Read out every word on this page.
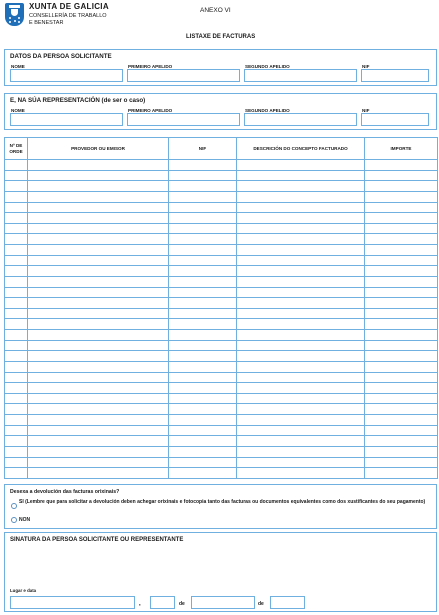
XUNTA DE GALICIA
CONSELLERÍA DE TRABALLO
E BENESTAR
ANEXO VI
LISTAXE DE FACTURAS
DATOS DA PERSOA SOLICITANTE
NOME	PRIMEIRO APELIDO	SEGUNDO APELIDO	NIF
E, NA SÚA REPRESENTACIÓN (de ser o caso)
NOME	PRIMEIRO APELIDO	SEGUNDO APELIDO	NIF
Nº DE ORDE	PROVEDOR OU EMISOR	NIF	DESCRICIÓN DO CONCEPTO FACTURADO	IMPORTE

Desexa a devolución das facturas orixinais?
SI (Lembre que para solicitar a devolución deben achegar orixinais e fotocopia tanto das facturas ou documentos equivalentes como dos xustificantes do seu pagamento)
NON
SINATURA DA PERSOA SOLICITANTE OU REPRESENTANTE
Lugar e data
,	de	de
